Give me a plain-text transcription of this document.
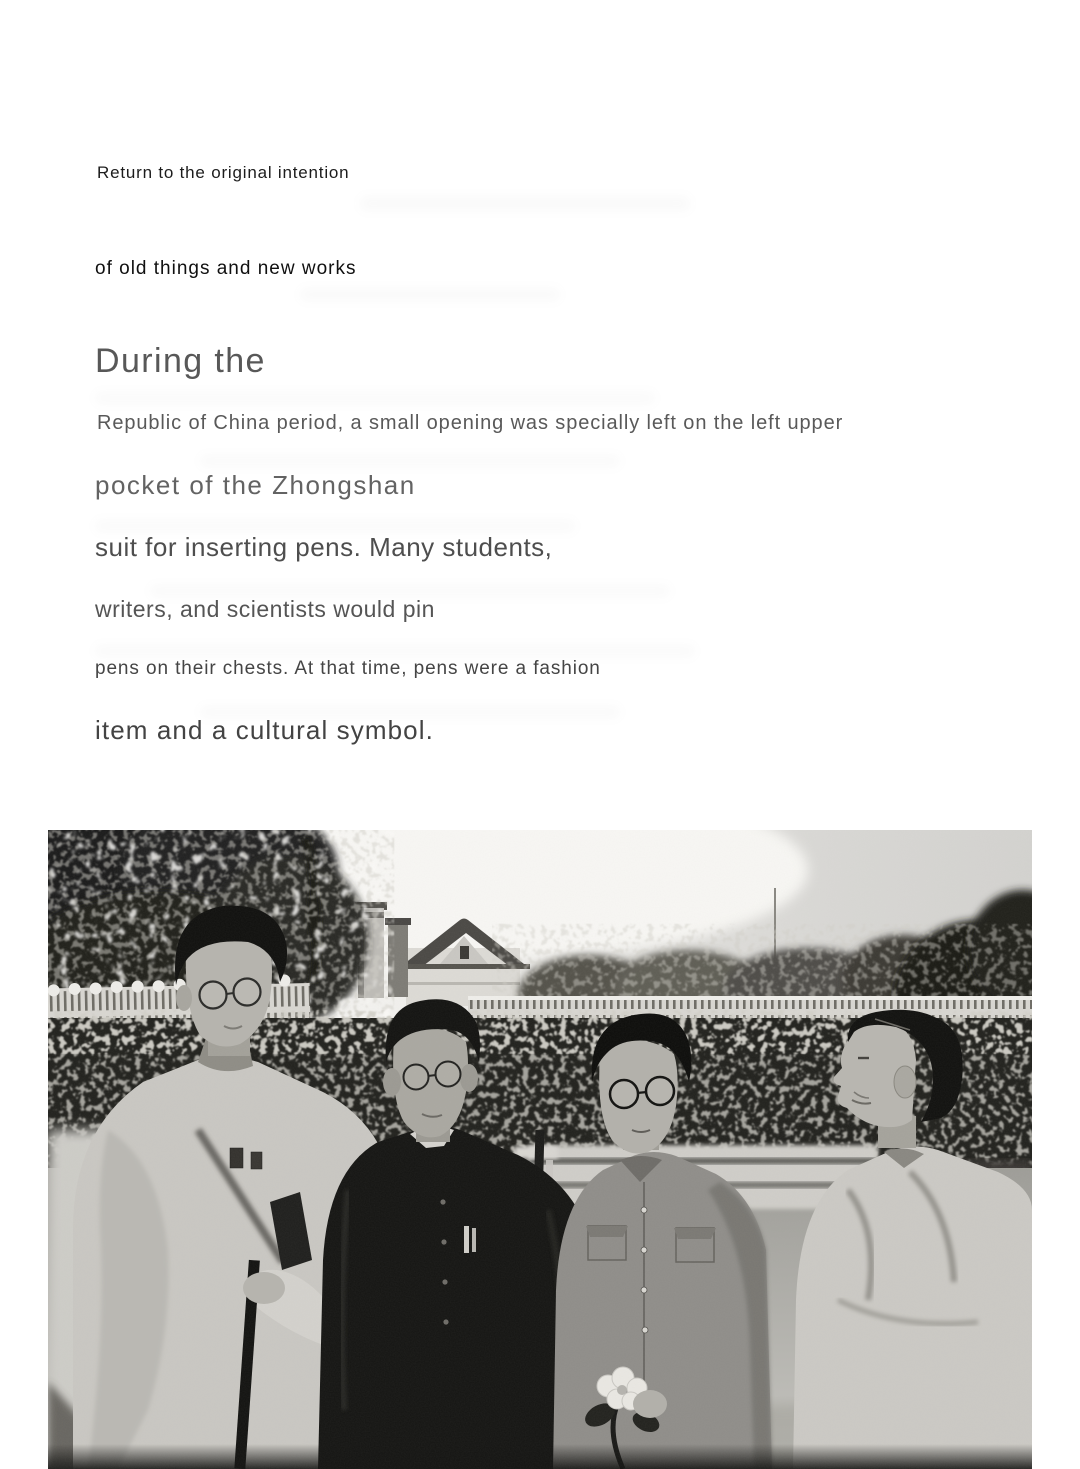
Return to the original intention

of old things and new works

During the

Republic of China period, a small opening was specially left on the left upper

pocket of the Zhongshan

suit for inserting pens. Many students,

writers, and scientists would pin

pens on their chests. At that time, pens were a fashion

item and a cultural symbol.
